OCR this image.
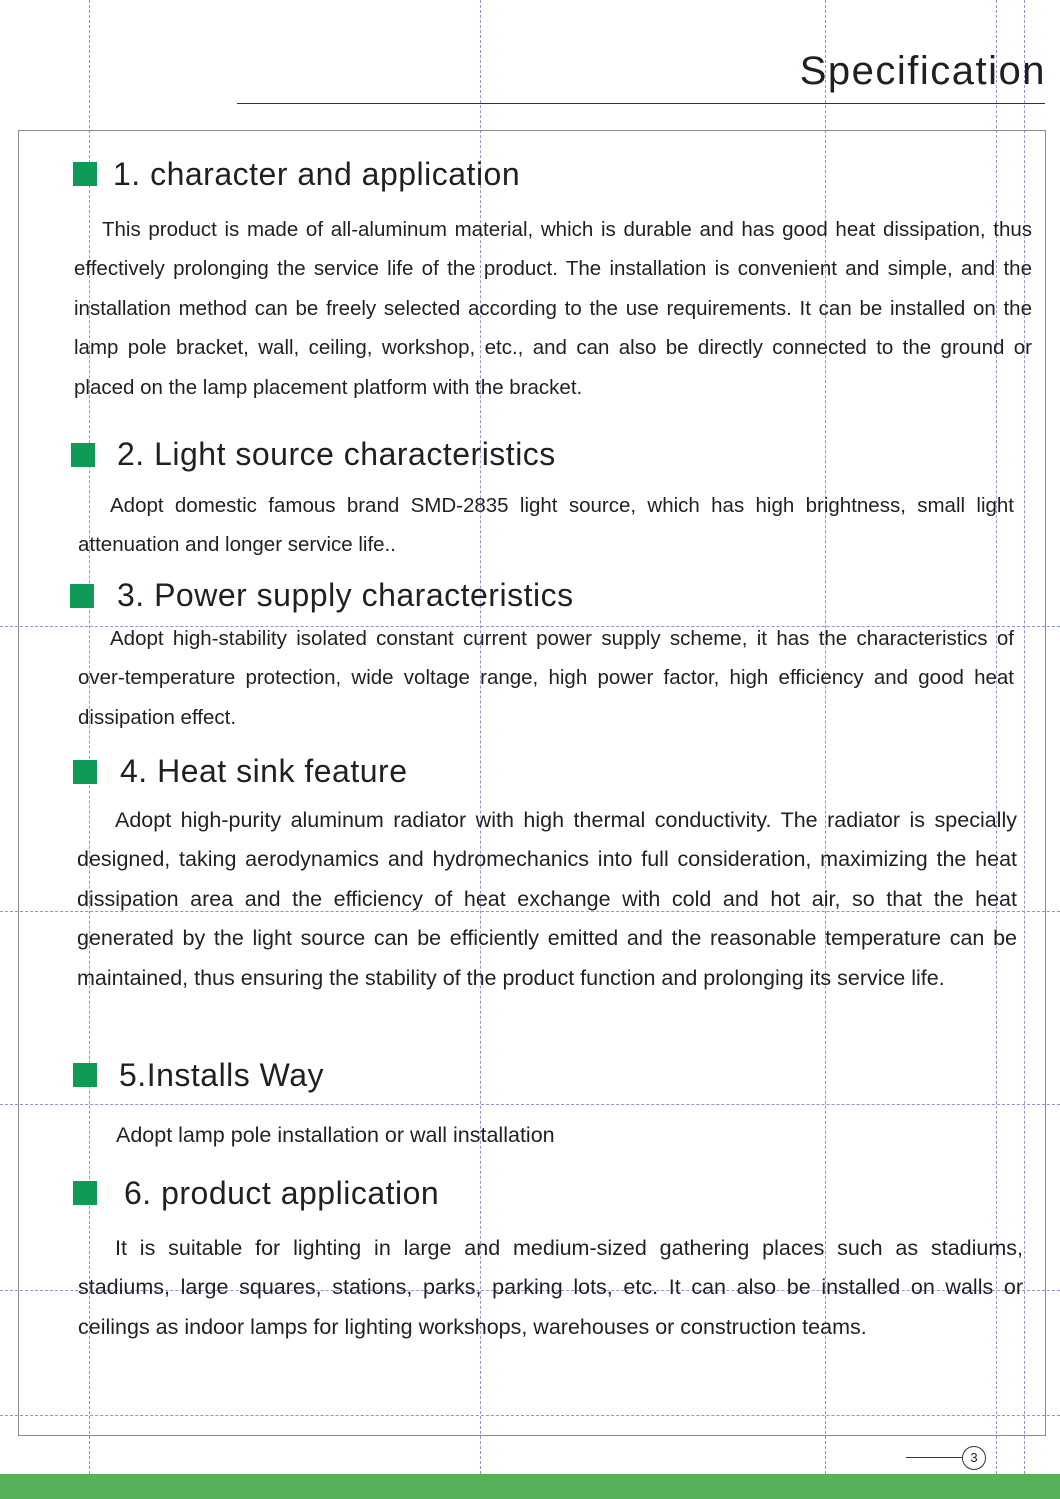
Specification
1. character and application

This product is made of all-aluminum material, which is durable and has good heat dissipation, thus effectively prolonging the service life of the product. The installation is convenient and simple, and the installation method can be freely selected according to the use requirements. It can be installed on the lamp pole bracket, wall, ceiling, workshop, etc., and can also be directly connected to the ground or placed on the lamp placement platform with the bracket.

2. Light source characteristics

Adopt domestic famous brand SMD-2835 light source, which has high brightness, small light attenuation and longer service life..

3. Power supply characteristics

Adopt high-stability isolated constant current power supply scheme, it has the characteristics of over-temperature protection, wide voltage range, high power factor, high efficiency and good heat dissipation effect.

4. Heat sink feature

Adopt high-purity aluminum radiator with high thermal conductivity. The radiator is specially designed, taking aerodynamics and hydromechanics into full consideration, maximizing the heat dissipation area and the efficiency of heat exchange with cold and hot air, so that the heat generated by the light source can be efficiently emitted and the reasonable temperature can be maintained, thus ensuring the stability of the product function and prolonging its service life.

5.Installs Way

Adopt lamp pole installation or wall installation

6. product application

It is suitable for lighting in large and medium-sized gathering places such as stadiums, stadiums, large squares, stations, parks, parking lots, etc. It can also be installed on walls or ceilings as indoor lamps for lighting workshops, warehouses or construction teams.

3
